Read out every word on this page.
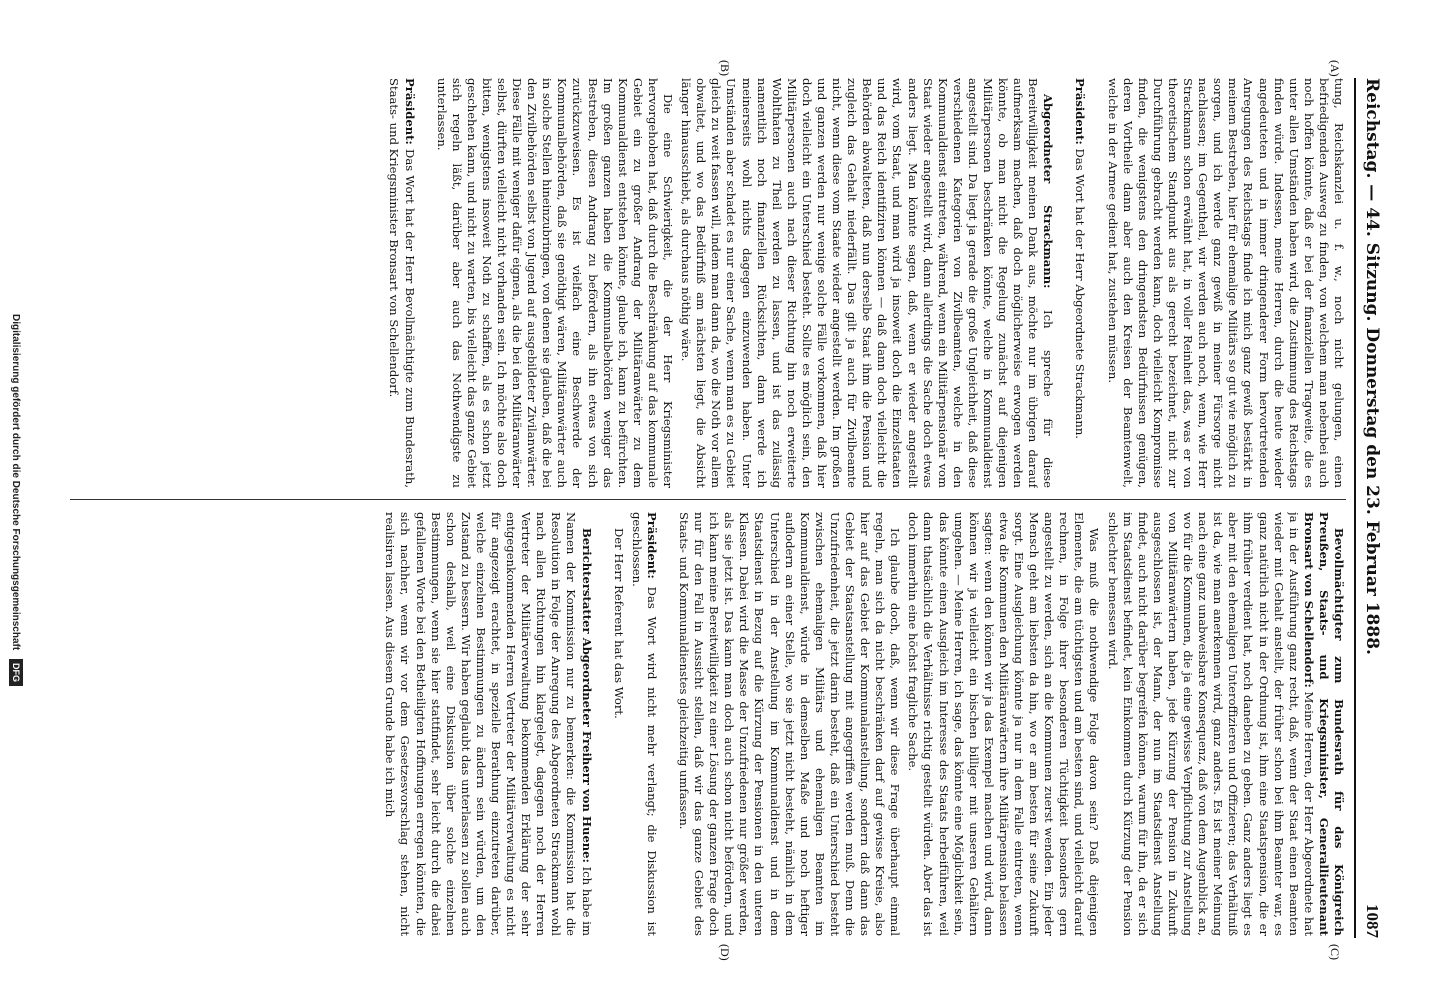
Reichstag. — 44. Sitzung. Donnerstag den 23. Februar 1888.
1087

tung, Reichskanzlei u. f. w., noch nicht gelungen, einen befriedigenden Ausweg zu finden, von welchem man nebenbei auch noch hoffen könnte, daß er bei der finanziellen Tragweite, die es unter allen Umständen haben wird, die Zustimmung des Reichstags finden würde. Indessen, meine Herren, durch die heute wieder angedeuteten und in immer dringenderer Form hervortretenden Anregungen des Reichstags finde ich mich ganz gewiß bestärkt in meinem Bestreben, hier für ehemalige Militärs so gut wie möglich zu sorgen, und ich werde ganz gewiß in meiner Fürsorge nicht nachlassen; im Gegentheil, wir werden auch noch, wenn, wie Herr Strackmann schon erwähnt hat, in voller Reinheit das, was er von theoretischem Standpunkt aus als gerecht bezeichnet, nicht zur Durchführung gebracht werden kann, doch vielleicht Kompromisse finden, die wenigstens den dringendsten Bedürfnissen genügen, deren Vortheile dann aber auch den Kreisen der Beamtenwelt, welche in der Armee gedient hat, zustehen müssen.

Präsident: Das Wort hat der Herr Abgeordnete Strackmann.

Abgeordneter Strackmann: Ich spreche für diese Bereitwilligkeit meinen Dank aus, möchte nur im übrigen darauf aufmerksam machen, daß doch möglicherweise erwogen werden könnte, ob man nicht die Regelung zunächst auf diejenigen Militärpersonen beschränken könnte, welche in Kommunaldienst angestellt sind. Da liegt ja gerade die große Ungleichheit, daß diese verschiedenen Kategorien von Zivilbeamten, welche in den Kommunaldienst eintreten, während, wenn ein Militärpensionär vom Staat wieder angestellt wird, dann allerdings die Sache doch etwas anders liegt. Man könnte sagen, daß, wenn er wieder angestellt wird, vom Staat, und man wird ja insoweit doch die Einzelstaaten und das Reich identifiziren können — daß dann doch vielleicht die Behörden abwalteten, daß nun derselbe Staat ihm die Pension und zugleich das Gehalt niederfällt. Das gilt ja auch für Zivilbeamte nicht, wenn diese vom Staate wieder angestellt werden. Im großen und ganzen werden nur wenige solche Fälle vorkommen, daß hier doch vielleicht ein Unterschied besteht. Sollte es möglich sein, den Militärpersonen auch nach dieser Richtung hin noch erweiterte Wohlthaten zu Theil werden zu lassen, und ist das zulässig namentlich noch finanziellen Rücksichten, dann werde ich meinerseits wohl nichts dagegen einzuwenden haben. Unter Umständen aber schadet es nur einer Sache, wenn man es zu Gebiet gleich zu weit fassen will, indem man dann da, wo die Noth vor allem obwaltet, und wo das Bedürfniß am nächsten liegt, die Absicht länger hinausschiebt, als durchaus nöthig wäre.

Die eine Schwierigkeit, die der Herr Kriegsminister hervorgehoben hat, daß durch die Beschränkung auf das kommunale Gebiet ein zu großer Andrang der Militäranwärter zu dem Kommunaldienst entstehen könnte, glaube ich, kann zu befürchten. Im großen ganzen haben die Kommunalbehörden weniger das Bestreben, diesen Andrang zu befördern, als ihn etwas von sich zurückzuweisen. Es ist vielfach eine Beschwerde der Kommunalbehörden, daß sie genöthigt wären, Militäranwärter auch in solche Stellen hineinzubringen, von denen sie glauben, daß die bei den Zivilbehörden selbst von Jugend auf ausgebildeter Zivilanwärter. Diese Fälle mit weniger dafür eignen, als die bei den Militäranwärter selbst, dürften vielleicht nicht vorhanden sein. Ich möchte also doch bitten, wenigstens insoweit Noth zu schaffen, als es schon jetzt geschehen kann, und nicht zu warten, bis vielleicht das ganze Gebiet sich regeln läßt, darüber aber auch das Nothwendigste zu unterlassen.

Präsident: Das Wort hat der Herr Bevollmächtigte zum Bundesrath, Staats- und Kriegsminister Bronsart von Schellendorf.

Bevollmächtigter zum Bundesrath für das Königreich Preußen, Staats- und Kriegsminister, Generallieutenant Bronsart von Schellendorf: Meine Herren, der Herr Abgeordnete hat ja in der Ausführung ganz recht, daß, wenn der Staat einen Beamten wieder mit Gehalt anstellt, der früher schon bei ihm Beamter war, es ganz natürlich nicht in der Ordnung ist, ihm eine Staatspension, die er ihm früher verdient hat, noch daneben zu geben. Ganz anders liegt es aber mit den ehemaligen Unteroffizieren und Offizieren; das Verhältniß ist da, wie man anerkennen wird, ganz anders. Es ist meiner Meinung nach eine ganz unabweisbare Konsequenz, daß von dem Augenblick an, wo für die Kommunen, die ja eine gewisse Verpflichtung zur Anstellung von Militäranwärtern haben, jede Kürzung der Pension in Zukunft ausgeschlossen ist, der Mann, der nun im Staatsdienst Anstellung findet, auch nicht darüber begreifen können, warum für ihn, da er sich im Staatsdienst befindet, kein Einkommen durch Kürzung der Pension schlechter bemessen wird.

Was muß die nothwendige Folge davon sein? Daß diejenigen Elemente, die am tüchtigsten und am besten sind, und vielleicht darauf rechnen, in Folge ihrer besonderen Tüchtigkeit besonders gern angestellt zu werden, sich an die Kommunen zuerst wenden. Ein jeder Mensch geht am liebsten da hin, wo er am besten für seine Zukunft sorgt. Eine Ausgleichung könnte ja nur in dem Falle eintreten, wenn etwa die Kommunen den Militäranwärtern ihre Militärpension belassen sagten: wenn den können wir ja das Exempel machen und wird, dann können wir ja vielleicht ein bischen billiger mit unseren Gehältern umgehen. — Meine Herren, ich sage, das könnte eine Möglichkeit sein, das könnte einen Ausgleich im Interesse des Staats herbeiführen, weil dann thatsächlich die Verhältnisse richtig gestellt würden. Aber das ist doch immerhin eine höchst fragliche Sache.

Ich glaube doch, daß, wenn wir diese Frage überhaupt einmal regeln, man sich da nicht beschränken darf auf gewisse Kreise, also hier auf das Gebiet der Kommunalanstellung, sondern daß dann das Gebiet der Staatsanstellung mit angegriffen werden muß. Denn die Unzufriedenheit, die jetzt darin besteht, daß ein Unterschied besteht zwischen ehemaligen Militärs und ehemaligen Beamten im Kommunaldienst, würde in demselben Maße und noch heftiger auflodern an einer Stelle, wo sie jetzt nicht besteht, nämlich in dem Unterschied in der Anstellung im Kommunaldienst und in dem Staatsdienst in Bezug auf die Kürzung der Pensionen in den unteren Klassen. Dabei wird die Masse der Unzufriedenen nur größer werden, als sie jetzt ist. Das kann man doch auch schon nicht befördern, und ich kann meine Bereitwilligkeit zu einer Lösung der ganzen Frage doch nur für den Fall in Aussicht stellen, daß wir das ganze Gebiet des Staats- und Kommunaldienstes gleichzeitig umfassen.

Präsident: Das Wort wird nicht mehr verlangt; die Diskussion ist geschlossen.

Der Herr Referent hat das Wort.

Berichterstatter Abgeordneter Freiherr von Huene: Ich habe im Namen der Kommission nur zu bemerken: die Kommission hat die Resolution in Folge der Anregung des Abgeordneten Strackmann wohl nach allen Richtungen hin klargelegt, dagegen noch der Herren Vertreter der Militärverwaltung bekommenden Erklärung der sehr entgegenkommenden Herren Vertreter der Militärverwaltung es nicht für angezeigt erachtet, in spezielle Berathung einzutreten darüber, welche einzelnen Bestimmungen zu ändern sein würden, um den Zustand zu bessern. Wir haben geglaubt das unterlassen zu sollen auch schon deshalb, weil eine Diskussion über solche einzelnen Bestimmungen, wenn sie hier stattfindet, sehr leicht durch die dabei gefallenen Worte bei den Betheiligten Hoffnungen erregen könnten, die sich nachher, wenn wir vor dem Gesetzesvorschlag stehen, nicht realisiren lassen. Aus diesem Grunde habe ich mich

(A)
(B)
(C)
(D)
Digitalisierung gefördert durch die Deutsche Forschungsgemeinschaft DFG
